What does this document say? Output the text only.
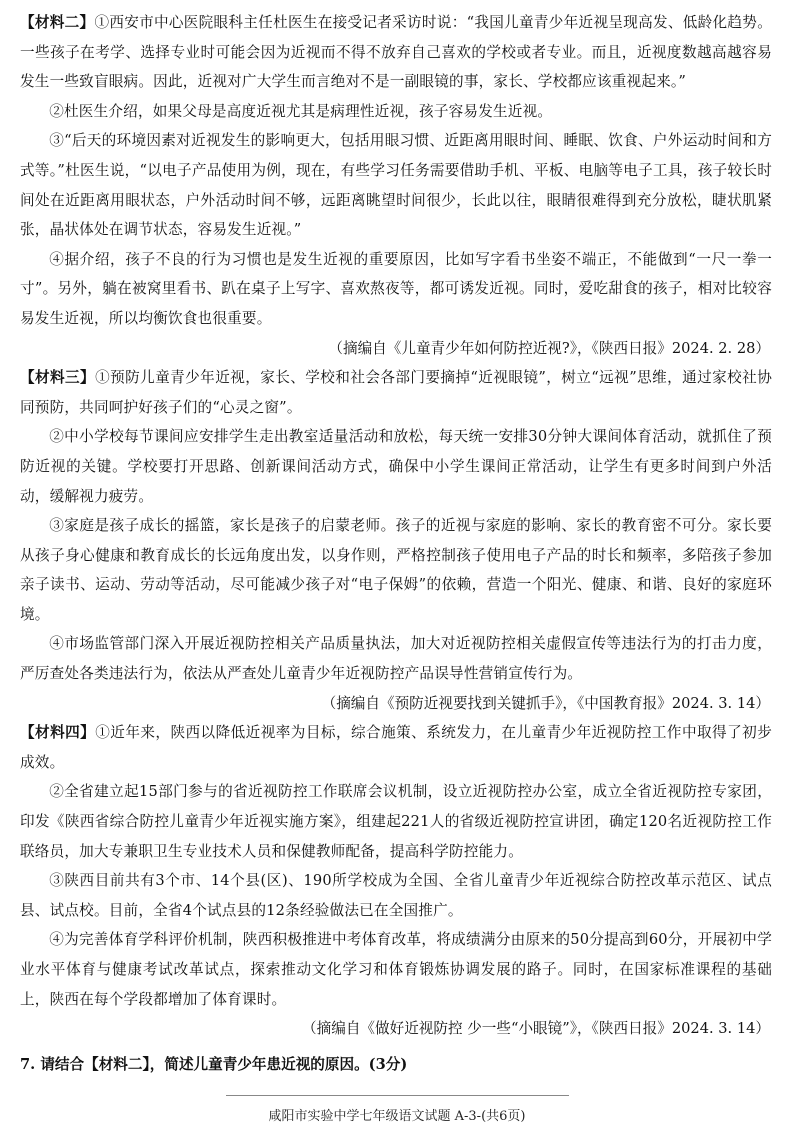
【材料二】①西安市中心医院眼科主任杜医生在接受记者采访时说：“我国儿童青少年近视呈现高发、低龄化趋势。一些孩子在考学、选择专业时可能会因为近视而不得不放弃自己喜欢的学校或者专业。而且，近视度数越高越容易发生一些致盲眼病。因此，近视对广大学生而言绝对不是一副眼镜的事，家长、学校都应该重视起来。”

②杜医生介绍，如果父母是高度近视尤其是病理性近视，孩子容易发生近视。

③“后天的环境因素对近视发生的影响更大，包括用眼习惯、近距离用眼时间、睡眠、饮食、户外运动时间和方式等。”杜医生说，“以电子产品使用为例，现在，有些学习任务需要借助手机、平板、电脑等电子工具，孩子较长时间处在近距离用眼状态，户外活动时间不够，远距离眺望时间很少，长此以往，眼睛很难得到充分放松，睫状肌紧张，晶状体处在调节状态，容易发生近视。”

④据介绍，孩子不良的行为习惯也是发生近视的重要原因，比如写字看书坐姿不端正，不能做到“一尺一拳一寸”。另外，躺在被窝里看书、趴在桌子上写字、喜欢熬夜等，都可诱发近视。同时，爱吃甜食的孩子，相对比较容易发生近视，所以均衡饮食也很重要。

（摘编自《儿童青少年如何防控近视?》，《陕西日报》2024. 2. 28）

【材料三】①预防儿童青少年近视，家长、学校和社会各部门要摘掉“近视眼镜”，树立“远视”思维，通过家校社协同预防，共同呵护好孩子们的“心灵之窗”。

②中小学校每节课间应安排学生走出教室适量活动和放松，每天统一安排30分钟大课间体育活动，就抓住了预防近视的关键。学校要打开思路、创新课间活动方式，确保中小学生课间正常活动，让学生有更多时间到户外活动，缓解视力疲劳。

③家庭是孩子成长的摇篮，家长是孩子的启蒙老师。孩子的近视与家庭的影响、家长的教育密不可分。家长要从孩子身心健康和教育成长的长远角度出发，以身作则，严格控制孩子使用电子产品的时长和频率，多陪孩子参加亲子读书、运动、劳动等活动，尽可能减少孩子对“电子保姆”的依赖，营造一个阳光、健康、和谐、良好的家庭环境。

④市场监管部门深入开展近视防控相关产品质量执法，加大对近视防控相关虚假宣传等违法行为的打击力度，严厉查处各类违法行为，依法从严查处儿童青少年近视防控产品误导性营销宣传行为。

（摘编自《预防近视要找到关键抓手》，《中国教育报》2024. 3. 14）

【材料四】①近年来，陕西以降低近视率为目标，综合施策、系统发力，在儿童青少年近视防控工作中取得了初步成效。

②全省建立起15部门参与的省近视防控工作联席会议机制，设立近视防控办公室，成立全省近视防控专家团，印发《陕西省综合防控儿童青少年近视实施方案》，组建起221人的省级近视防控宣讲团，确定120名近视防控工作联络员，加大专兼职卫生专业技术人员和保健教师配备，提高科学防控能力。

③陕西目前共有3个市、14个县(区)、190所学校成为全国、全省儿童青少年近视综合防控改革示范区、试点县、试点校。目前，全省4个试点县的12条经验做法已在全国推广。

④为完善体育学科评价机制，陕西积极推进中考体育改革，将成绩满分由原来的50分提高到60分，开展初中学业水平体育与健康考试改革试点，探索推动文化学习和体育锻炼协调发展的路子。同时，在国家标准课程的基础上，陕西在每个学段都增加了体育课时。

（摘编自《做好近视防控 少一些“小眼镜”》，《陕西日报》2024. 3. 14）

7. 请结合【材料二】，简述儿童青少年患近视的原因。(3分)

咸阳市实验中学七年级语文试题 A-3-(共6页)
